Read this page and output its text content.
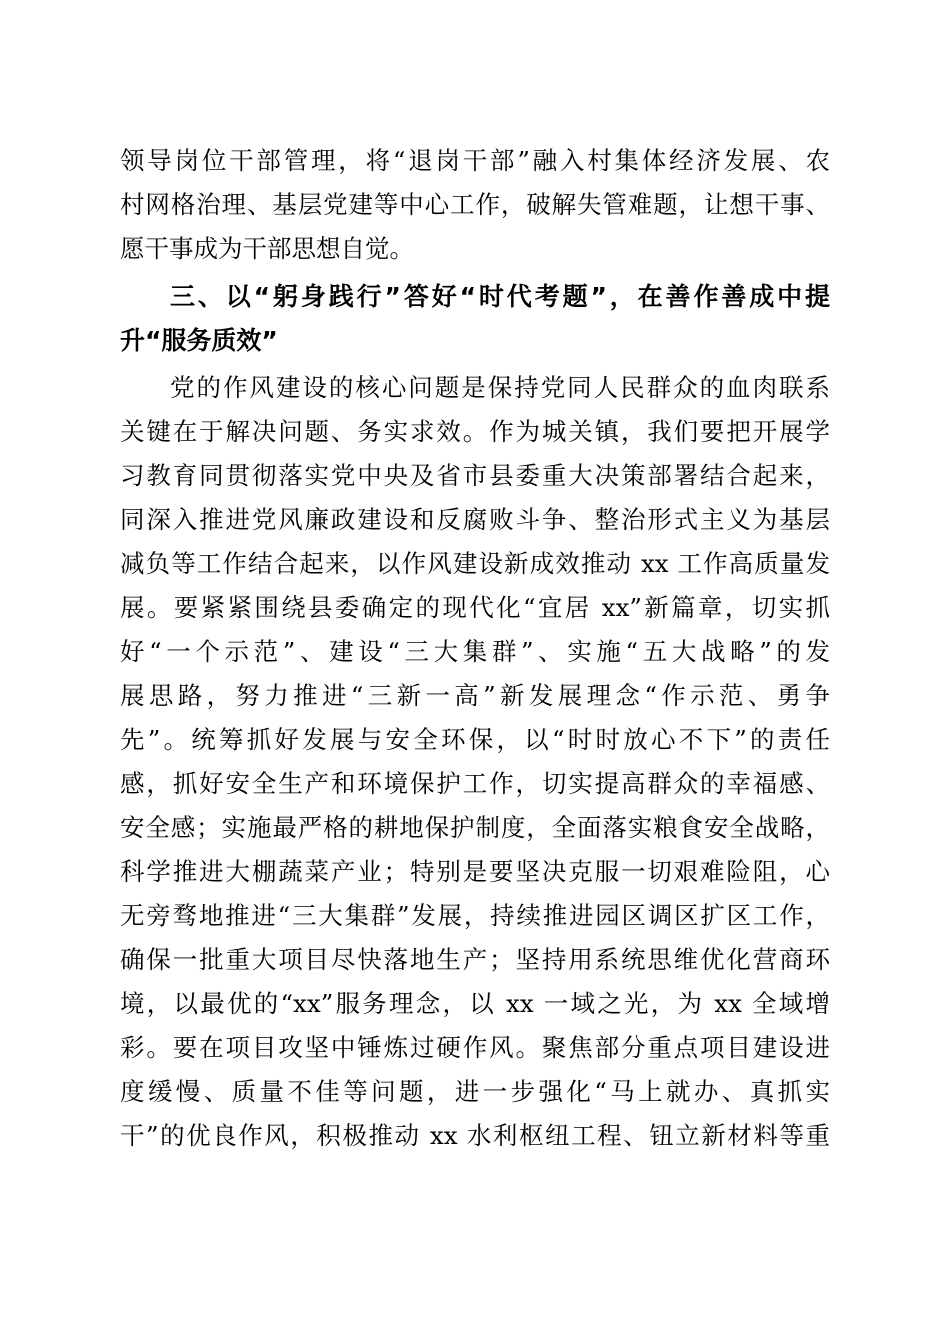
领导岗位干部管理，将“退岗干部”融入村集体经济发展、农

村网格治理、基层党建等中心工作，破解失管难题，让想干事、

愿干事成为干部思想自觉。

三、以“躬身践行”答好“时代考题”，在善作善成中提

升“服务质效”

党的作风建设的核心问题是保持党同人民群众的血肉联系

关键在于解决问题、务实求效。作为城关镇，我们要把开展学

习教育同贯彻落实党中央及省市县委重大决策部署结合起来，

同深入推进党风廉政建设和反腐败斗争、整治形式主义为基层

减负等工作结合起来，以作风建设新成效推动 xx 工作高质量发

展。要紧紧围绕县委确定的现代化“宜居 xx”新篇章，切实抓

好“一个示范”、建设“三大集群”、实施“五大战略”的发

展思路，努力推进“三新一高”新发展理念“作示范、勇争

先”。统筹抓好发展与安全环保，以“时时放心不下”的责任

感，抓好安全生产和环境保护工作，切实提高群众的幸福感、

安全感；实施最严格的耕地保护制度，全面落实粮食安全战略，

科学推进大棚蔬菜产业；特别是要坚决克服一切艰难险阻，心

无旁骛地推进“三大集群”发展，持续推进园区调区扩区工作，

确保一批重大项目尽快落地生产；坚持用系统思维优化营商环

境，以最优的“xx”服务理念，以 xx 一域之光，为 xx 全域增

彩。要在项目攻坚中锤炼过硬作风。聚焦部分重点项目建设进

度缓慢、质量不佳等问题，进一步强化“马上就办、真抓实

干”的优良作风，积极推动 xx 水利枢纽工程、钮立新材料等重
